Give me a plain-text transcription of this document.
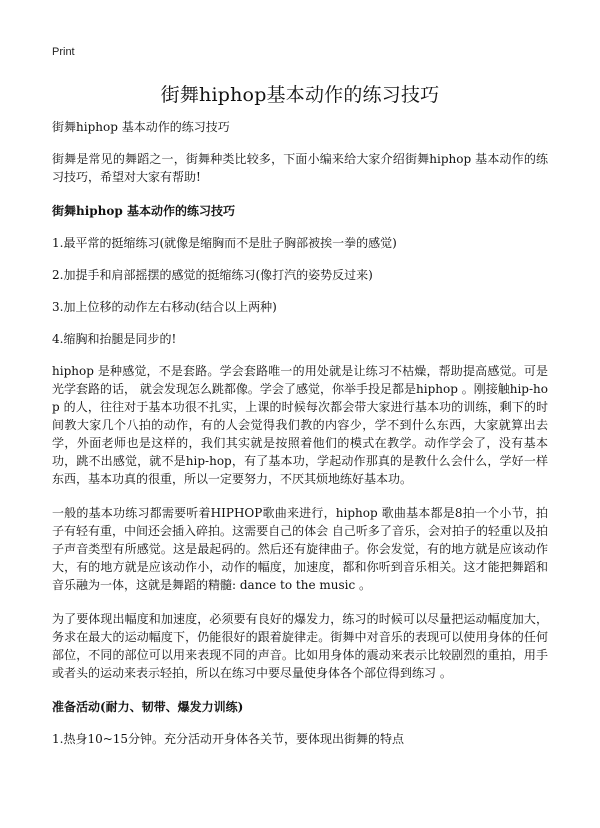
Print
街舞hiphop基本动作的练习技巧

街舞hiphop 基本动作的练习技巧

街舞是常见的舞蹈之一，街舞种类比较多，下面小编来给大家介绍街舞hiphop 基本动作的练习技巧，希望对大家有帮助!

街舞hiphop 基本动作的练习技巧

1.最平常的挺缩练习(就像是缩胸而不是肚子胸部被挨一拳的感觉)

2.加提手和肩部摇摆的感觉的挺缩练习(像打汽的姿势反过来)

3.加上位移的动作左右移动(结合以上两种)

4.缩胸和抬腿是同步的!

hiphop 是种感觉，不是套路。学会套路唯一的用处就是让练习不枯燥，帮助提高感觉。可是光学套路的话， 就会发现怎么跳都像。学会了感觉，你举手投足都是hiphop 。刚接触hip-hop 的人，往往对于基本功很不扎实，上课的时候每次都会带大家进行基本功的训练，剩下的时间教大家几个八拍的动作，有的人会觉得我们教的内容少，学不到什么东西，大家就算出去学，外面老师也是这样的，我们其实就是按照着他们的模式在教学。动作学会了，没有基本功，跳不出感觉，就不是hip-hop，有了基本功，学起动作那真的是教什么会什么，学好一样东西，基本功真的很重，所以一定要努力，不厌其烦地练好基本功。

一般的基本功练习都需要听着HIPHOP歌曲来进行，hiphop 歌曲基本都是8拍一个小节，拍子有轻有重，中间还会插入碎拍。这需要自己的体会 自己听多了音乐，会对拍子的轻重以及拍子声音类型有所感觉。这是最起码的。然后还有旋律曲子。你会发觉，有的地方就是应该动作大，有的地方就是应该动作小，动作的幅度，加速度，都和你听到音乐相关。这才能把舞蹈和音乐融为一体，这就是舞蹈的精髓: dance to the music 。

为了要体现出幅度和加速度，必须要有良好的爆发力，练习的时候可以尽量把运动幅度加大，务求在最大的运动幅度下，仍能很好的跟着旋律走。街舞中对音乐的表现可以使用身体的任何部位，不同的部位可以用来表现不同的声音。比如用身体的震动来表示比较剧烈的重拍，用手或者头的运动来表示轻拍，所以在练习中要尽量使身体各个部位得到练习 。

准备活动(耐力、韧带、爆发力训练)

1.热身10~15分钟。充分活动开身体各关节，要体现出街舞的特点
